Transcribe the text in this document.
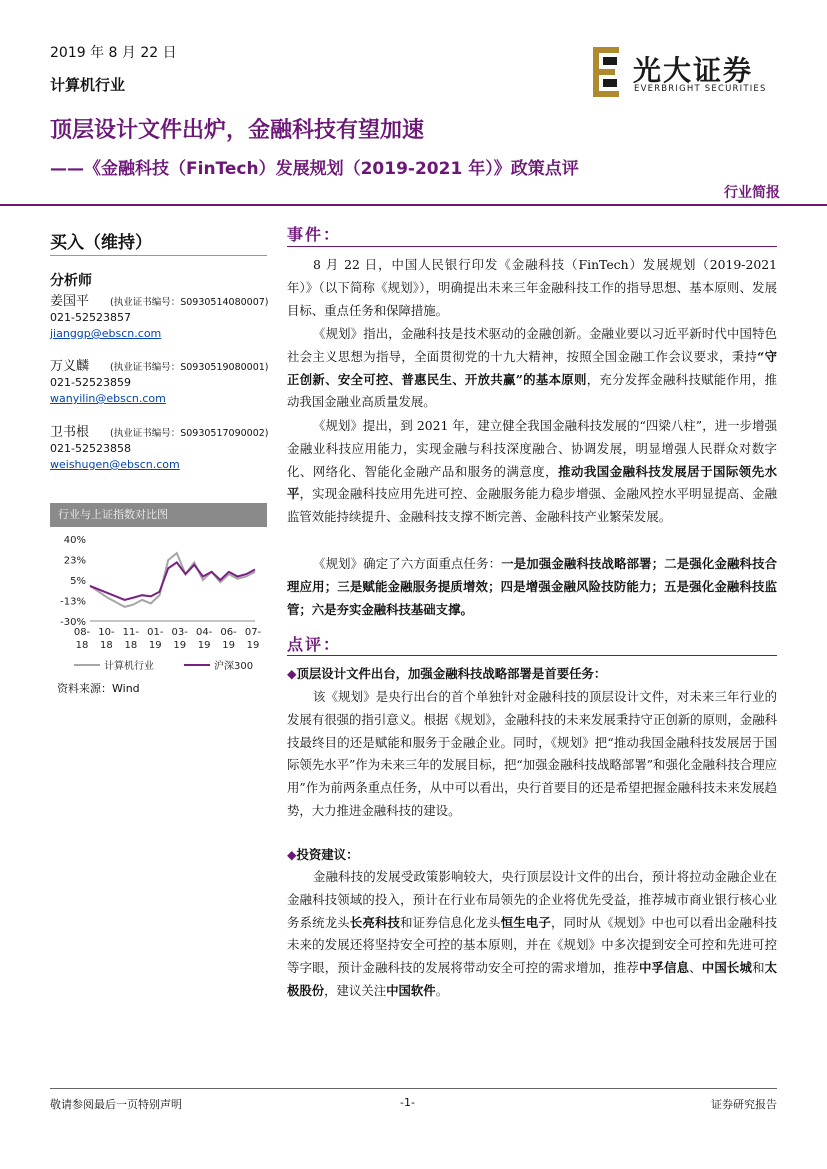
2019 年 8 月 22 日
计算机行业	光大证券
EVERBRIGHT SECURITIES
顶层设计文件出炉，金融科技有望加速
——《金融科技（FinTech）发展规划（2019-2021 年）》政策点评
行业简报
买入（维持）
分析师
姜国平 (执业证书编号：S0930514080007)
021-52523857
jianggp@ebscn.com
万义麟 (执业证书编号：S0930519080001)
021-52523859
wanyilin@ebscn.com
卫书根 (执业证书编号：S0930517090002)
021-52523858
weishugen@ebscn.com
行业与上证指数对比图
40%
23%
5%
-13%
-30%
08-18
10-18
11-18
01-19
03-19
04-19
06-19
07-19
计算机行业	沪深300
资料来源：Wind
事件：
8 月 22 日，中国人民银行印发《金融科技（FinTech）发展规划（2019-2021 年）》（以下简称《规划》），明确提出未来三年金融科技工作的指导思想、基本原则、发展目标、重点任务和保障措施。
《规划》指出，金融科技是技术驱动的金融创新。金融业要以习近平新时代中国特色社会主义思想为指导，全面贯彻党的十九大精神，按照全国金融工作会议要求，秉持“守正创新、安全可控、普惠民生、开放共赢”的基本原则，充分发挥金融科技赋能作用，推动我国金融业高质量发展。
《规划》提出，到 2021 年，建立健全我国金融科技发展的“四梁八柱”，进一步增强金融业科技应用能力，实现金融与科技深度融合、协调发展，明显增强人民群众对数字化、网络化、智能化金融产品和服务的满意度，推动我国金融科技发展居于国际领先水平，实现金融科技应用先进可控、金融服务能力稳步增强、金融风控水平明显提高、金融监管效能持续提升、金融科技支撑不断完善、金融科技产业繁荣发展。
《规划》确定了六方面重点任务：一是加强金融科技战略部署；二是强化金融科技合理应用；三是赋能金融服务提质增效；四是增强金融风险技防能力；五是强化金融科技监管；六是夯实金融科技基础支撑。
点评：
◆顶层设计文件出台，加强金融科技战略部署是首要任务：
该《规划》是央行出台的首个单独针对金融科技的顶层设计文件，对未来三年行业的发展有很强的指引意义。根据《规划》，金融科技的未来发展秉持守正创新的原则，金融科技最终目的还是赋能和服务于金融企业。同时，《规划》把“推动我国金融科技发展居于国际领先水平”作为未来三年的发展目标，把“加强金融科技战略部署”和强化金融科技合理应用”作为前两条重点任务，从中可以看出，央行首要目的还是希望把握金融科技未来发展趋势，大力推进金融科技的建设。
◆投资建议：
金融科技的发展受政策影响较大，央行顶层设计文件的出台，预计将拉动金融企业在金融科技领域的投入，预计在行业布局领先的企业将优先受益，推荐城市商业银行核心业务系统龙头长亮科技和证券信息化龙头恒生电子，同时从《规划》中也可以看出金融科技未来的发展还将坚持安全可控的基本原则，并在《规划》中多次提到安全可控和先进可控等字眼，预计金融科技的发展将带动安全可控的需求增加，推荐中孚信息、中国长城和太极股份，建议关注中国软件。
敬请参阅最后一页特别声明	-1-	证券研究报告
